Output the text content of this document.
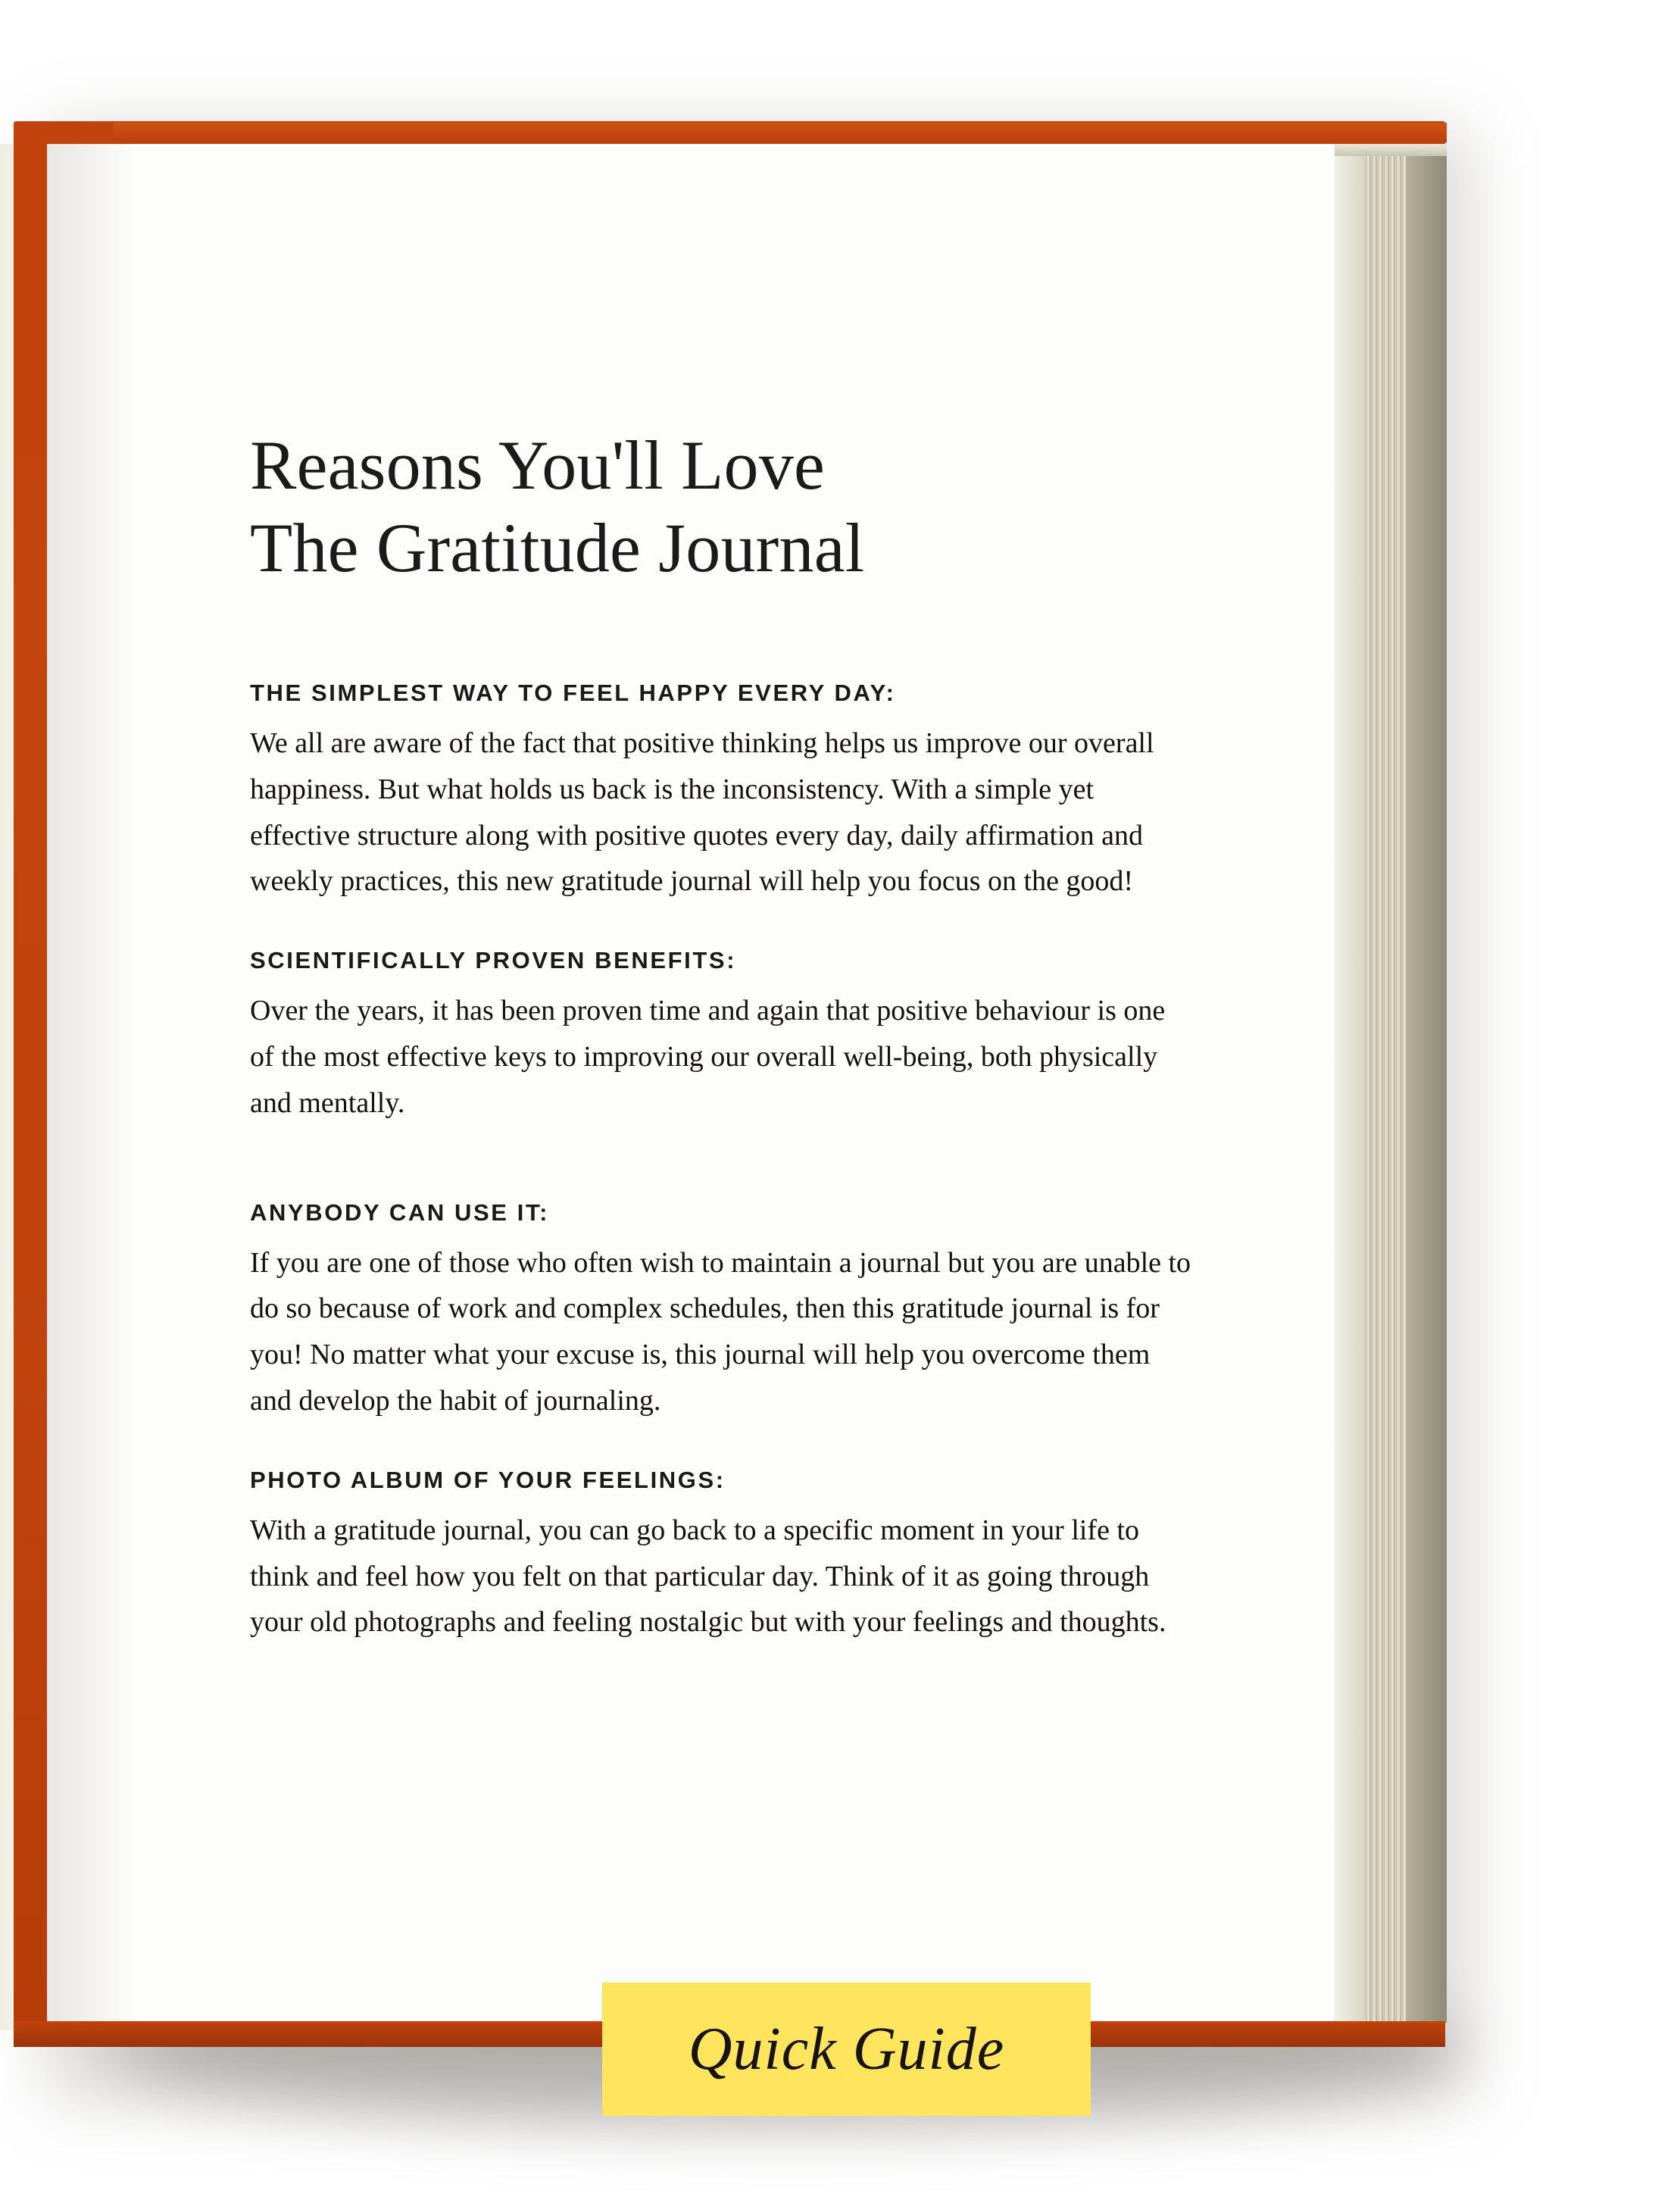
Reasons You'll Love
The Gratitude Journal
THE SIMPLEST WAY TO FEEL HAPPY EVERY DAY:

We all are aware of the fact that positive thinking helps us improve our overall happiness. But what holds us back is the inconsistency. With a simple yet effective structure along with positive quotes every day, daily affirmation and weekly practices, this new gratitude journal will help you focus on the good!

SCIENTIFICALLY PROVEN BENEFITS:

Over the years, it has been proven time and again that positive behaviour is one of the most effective keys to improving our overall well-being, both physically and mentally.

ANYBODY CAN USE IT:

If you are one of those who often wish to maintain a journal but you are unable to do so because of work and complex schedules, then this gratitude journal is for you! No matter what your excuse is, this journal will help you overcome them and develop the habit of journaling.

PHOTO ALBUM OF YOUR FEELINGS:

With a gratitude journal, you can go back to a specific moment in your life to think and feel how you felt on that particular day. Think of it as going through your old photographs and feeling nostalgic but with your feelings and thoughts.

Quick Guide
